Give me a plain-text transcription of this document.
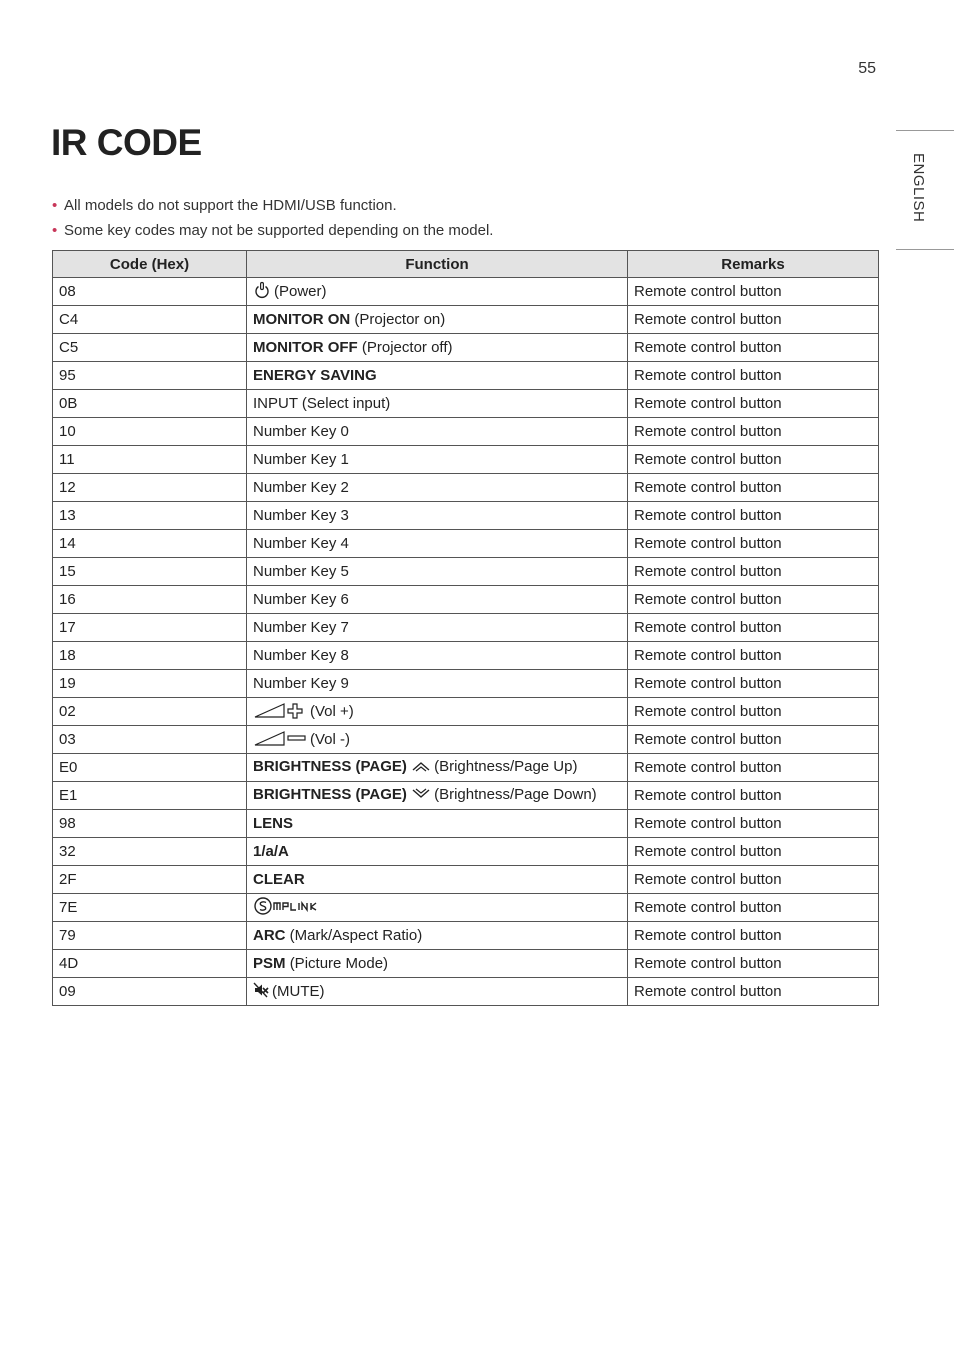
55
ENGLISH
IR CODE
• All models do not support the HDMI/USB function.
• Some key codes may not be supported depending on the model.
Code (Hex)	Function	Remarks
08	(Power)	Remote control button
C4	MONITOR ON (Projector on)	Remote control button
C5	MONITOR OFF (Projector off)	Remote control button
95	ENERGY SAVING	Remote control button
0B	INPUT (Select input)	Remote control button
10	Number Key 0	Remote control button
11	Number Key 1	Remote control button
12	Number Key 2	Remote control button
13	Number Key 3	Remote control button
14	Number Key 4	Remote control button
15	Number Key 5	Remote control button
16	Number Key 6	Remote control button
17	Number Key 7	Remote control button
18	Number Key 8	Remote control button
19	Number Key 9	Remote control button
02	(Vol +)	Remote control button
03	(Vol -)	Remote control button
E0	BRIGHTNESS (PAGE) (Brightness/Page Up)	Remote control button
E1	BRIGHTNESS (PAGE) (Brightness/Page Down)	Remote control button
98	LENS	Remote control button
32	1/a/A	Remote control button
2F	CLEAR	Remote control button
7E		Remote control button
79	ARC (Mark/Aspect Ratio)	Remote control button
4D	PSM (Picture Mode)	Remote control button
09	(MUTE)	Remote control button
